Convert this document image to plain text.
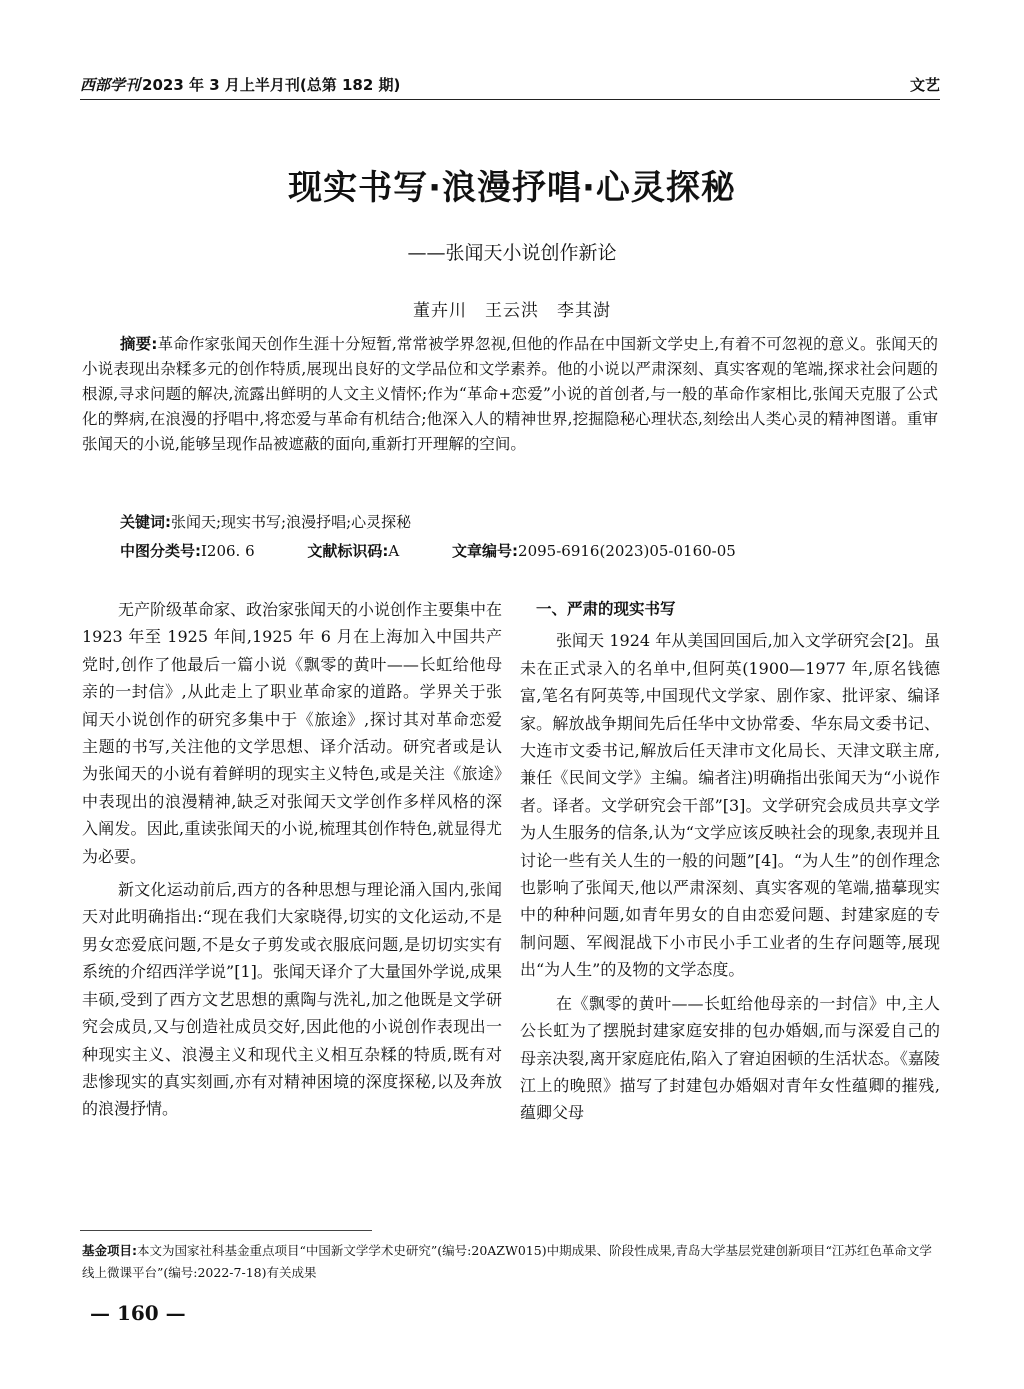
西部学刊 2023 年 3 月上半月刊(总第 182 期)	文艺
现实书写·浪漫抒唱·心灵探秘
——张闻天小说创作新论
董卉川　王云洪　李其澍
摘要:革命作家张闻天创作生涯十分短暂,常常被学界忽视,但他的作品在中国新文学史上,有着不可忽视的意义。张闻天的小说表现出杂糅多元的创作特质,展现出良好的文学品位和文学素养。他的小说以严肃深刻、真实客观的笔端,探求社会问题的根源,寻求问题的解决,流露出鲜明的人文主义情怀;作为“革命+恋爱”小说的首创者,与一般的革命作家相比,张闻天克服了公式化的弊病,在浪漫的抒唱中,将恋爱与革命有机结合;他深入人的精神世界,挖掘隐秘心理状态,刻绘出人类心灵的精神图谱。重审张闻天的小说,能够呈现作品被遮蔽的面向,重新打开理解的空间。
关键词:张闻天;现实书写;浪漫抒唱;心灵探秘
中图分类号:I206. 6	文献标识码:A	文章编号:2095-6916(2023)05-0160-05

无产阶级革命家、政治家张闻天的小说创作主要集中在 1923 年至 1925 年间,1925 年 6 月在上海加入中国共产党时,创作了他最后一篇小说《飘零的黄叶——长虹给他母亲的一封信》,从此走上了职业革命家的道路。学界关于张闻天小说创作的研究多集中于《旅途》,探讨其对革命恋爱主题的书写,关注他的文学思想、译介活动。研究者或是认为张闻天的小说有着鲜明的现实主义特色,或是关注《旅途》中表现出的浪漫精神,缺乏对张闻天文学创作多样风格的深入阐发。因此,重读张闻天的小说,梳理其创作特色,就显得尤为必要。

新文化运动前后,西方的各种思想与理论涌入国内,张闻天对此明确指出:“现在我们大家晓得,切实的文化运动,不是男女恋爱底问题,不是女子剪发或衣服底问题,是切切实实有系统的介绍西洋学说”[1]。张闻天译介了大量国外学说,成果丰硕,受到了西方文艺思想的熏陶与洗礼,加之他既是文学研究会成员,又与创造社成员交好,因此他的小说创作表现出一种现实主义、浪漫主义和现代主义相互杂糅的特质,既有对悲惨现实的真实刻画,亦有对精神困境的深度探秘,以及奔放的浪漫抒情。

一、严肃的现实书写

张闻天 1924 年从美国回国后,加入文学研究会[2]。虽未在正式录入的名单中,但阿英(1900—1977 年,原名钱德富,笔名有阿英等,中国现代文学家、剧作家、批评家、编译家。解放战争期间先后任华中文协常委、华东局文委书记、大连市文委书记,解放后任天津市文化局长、天津文联主席,兼任《民间文学》主编。编者注)明确指出张闻天为“小说作者。译者。文学研究会干部”[3]。文学研究会成员共享文学为人生服务的信条,认为“文学应该反映社会的现象,表现并且讨论一些有关人生的一般的问题”[4]。“为人生”的创作理念也影响了张闻天,他以严肃深刻、真实客观的笔端,描摹现实中的种种问题,如青年男女的自由恋爱问题、封建家庭的专制问题、军阀混战下小市民小手工业者的生存问题等,展现出“为人生”的及物的文学态度。

在《飘零的黄叶——长虹给他母亲的一封信》中,主人公长虹为了摆脱封建家庭安排的包办婚姻,而与深爱自己的母亲决裂,离开家庭庇佑,陷入了窘迫困顿的生活状态。《嘉陵江上的晚照》描写了封建包办婚姻对青年女性蕴卿的摧残,蕴卿父母

基金项目:本文为国家社科基金重点项目“中国新文学学术史研究”(编号:20AZW015)中期成果、阶段性成果,青岛大学基层党建创新项目“江苏红色革命文学线上微课平台”(编号:2022-7-18)有关成果
— 160 —
